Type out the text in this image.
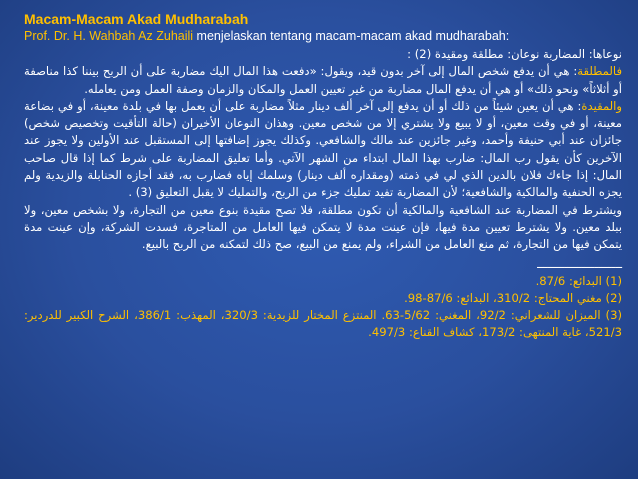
Macam-Macam Akad Mudharabah
Prof. Dr. H. Wahbah Az Zuhaili menjelaskan tentang macam-macam akad mudharabah:

نوعاها: المضاربة نوعان: مطلقة ومقيدة (2) :

فالمطلقة: هي أن يدفع شخص المال إلى آخر بدون قيد، ويقول: «دفعت هذا المال اليك مضاربة على أن الربح بيننا كذا مناصفة أو أثلاثاً» ونحو ذلك» أو هي أن يدفع المال مضاربة من غير تعيين العمل والمكان والزمان وصفة العمل ومن يعامله.

والمقيدة: هي أن يعين شيئاً من ذلك أو أن يدفع إلى آخر ألف دينار مثلاً مضاربة على أن يعمل بها في بلدة معينة، أو في بضاعة معينة، أو في وقت معين، أو لا يبيع ولا يشتري إلا من شخص معين. وهذان النوعان الأخيران (حالة التأقيت وتخصيص شخص) جائزان عند أبي حنيفة وأحمد، وغير جائزين عند مالك والشافعي. وكذلك يجوز إضافتها إلى المستقبل عند الأولين ولا يجوز عند الآخرين كأن يقول رب المال: ضارب بهذا المال ابتداء من الشهر الآتي. وأما تعليق المضاربة على شرط كما إذا قال صاحب المال: إذا جاءك فلان بالدين الذي لي في ذمته (ومقداره ألف دينار) وسلمك إياه فضارب به، فقد أجازه الحنابلة والزيدية ولم يجزه الحنفية والمالكية والشافعية؛ لأن المضاربة تفيد تمليك جزء من الربح، والتمليك لا يقبل التعليق (3) .

ويشترط في المضاربة عند الشافعية والمالكية أن تكون مطلقة، فلا تصح مقيدة بنوع معين من التجارة، ولا بشخص معين، ولا ببلد معين. ولا يشترط تعيين مدة فيها، فإن عينت مدة لا يتمكن فيها العامل من المتاجرة، فسدت الشركة، وإن عينت مدة يتمكن فيها من التجارة، ثم منع العامل من الشراء، ولم يمنع من البيع، صح ذلك لتمكنه من الربح بالبيع.

ـــــــــــــــــــــــــ

(1) البدائع: 87/6.

(2) مغني المحتاج: 310/2، البدائع: 87/6-98.

(3) الميزان للشعراني: 92/2، المغني: 5/62-63. المنتزع المختار للزيدية: 320/3، المهذب: 386/1، الشرح الكبير للدردير: 521/3، غاية المنتهى: 173/2، كشاف القناع: 497/3.
